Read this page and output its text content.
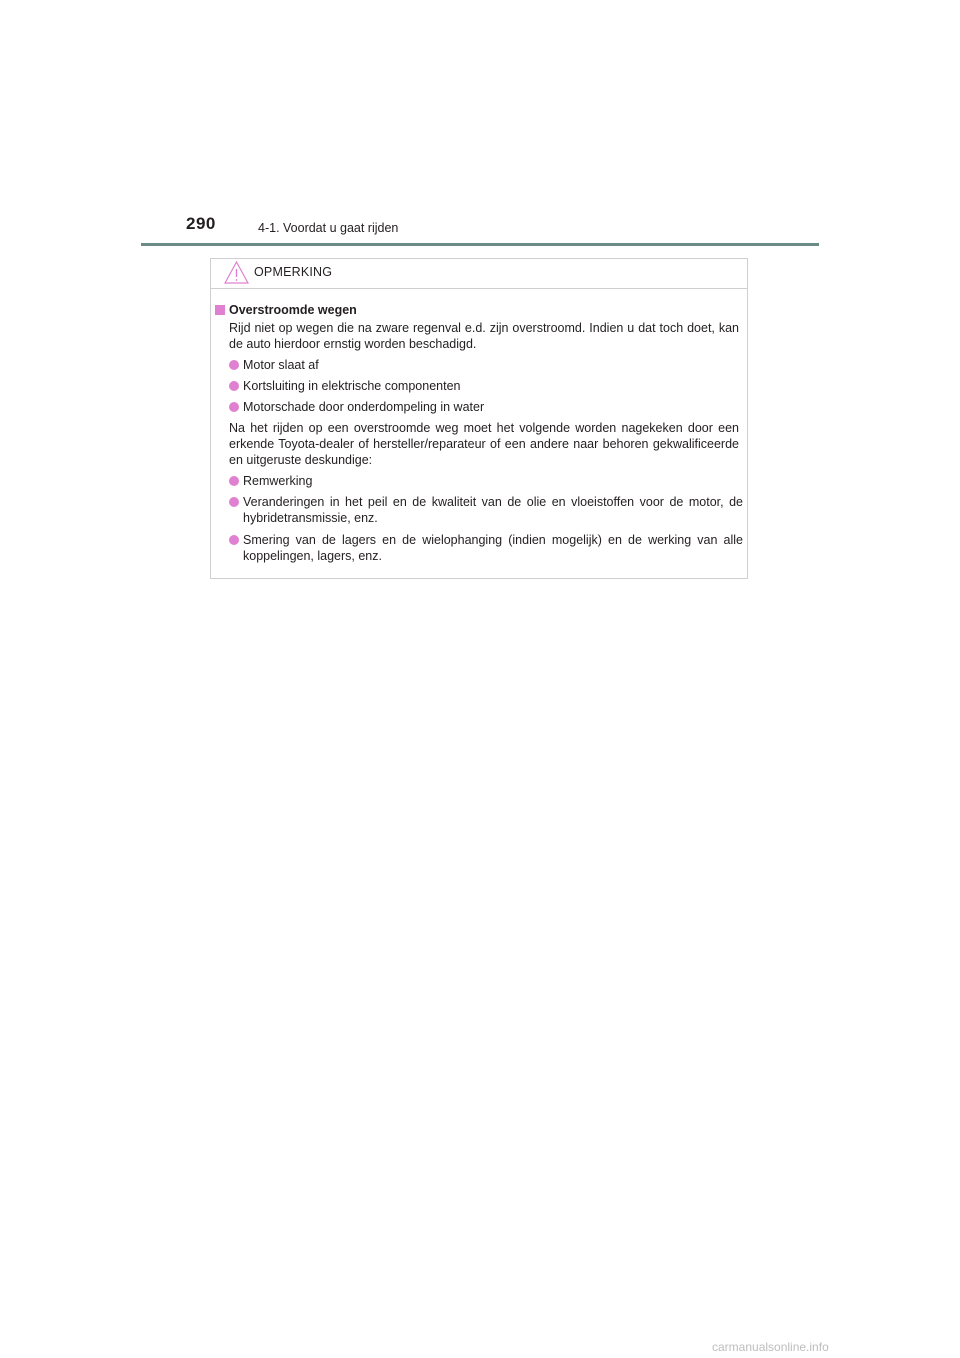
290	4-1. Voordat u gaat rijden
OPMERKING
Overstroomde wegen
Rijd niet op wegen die na zware regenval e.d. zijn overstroomd. Indien u dat toch doet, kan de auto hierdoor ernstig worden beschadigd.
Motor slaat af
Kortsluiting in elektrische componenten
Motorschade door onderdompeling in water
Na het rijden op een overstroomde weg moet het volgende worden nagekeken door een erkende Toyota-dealer of hersteller/reparateur of een andere naar behoren gekwalificeerde en uitgeruste deskundige:
Remwerking
Veranderingen in het peil en de kwaliteit van de olie en vloeistoffen voor de motor, de hybridetransmissie, enz.
Smering van de lagers en de wielophanging (indien mogelijk) en de werking van alle koppelingen, lagers, enz.
carmanualsonline.info
